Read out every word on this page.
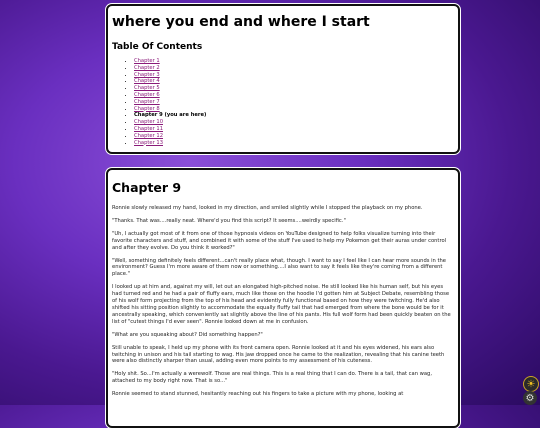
where you end and where I start
Table Of Contents
• Chapter 1
• Chapter 2
• Chapter 3
• Chapter 4
• Chapter 5
• Chapter 6
• Chapter 7
• Chapter 8
• Chapter 9 (you are here)
• Chapter 10
• Chapter 11
• Chapter 12
• Chapter 13
Chapter 9

Ronnie slowly released my hand, looked in my direction, and smiled slightly while I stopped the playback on my phone.

"Thanks. That was....really neat. Where'd you find this script? It seems....weirdly specific."

"Uh, I actually got most of it from one of those hypnosis videos on YouTube designed to help folks visualize turning into their favorite characters and stuff, and combined it with some of the stuff I've used to help my Pokemon get their auras under control and after they evolve. Do you think it worked?"

"Well, something definitely feels different...can't really place what, though. I want to say I feel like I can hear more sounds in the environment? Guess I'm more aware of them now or something....I also want to say it feels like they're coming from a different place."

I looked up at him and, against my will, let out an elongated high-pitched noise. He still looked like his human self, but his eyes had turned red and he had a pair of fluffy ears, much like those on the hoodie I'd gotten him at Subject Debate, resembling those of his wolf form projecting from the top of his head and evidently fully functional based on how they were twitching. He'd also shifted his sitting position slightly to accommodate the equally fluffy tail that had emerged from where the bone would be for it ancestrally speaking, which conveniently sat slightly above the line of his pants. His full wolf form had been quickly beaten on the list of "cutest things I'd ever seen". Ronnie looked down at me in confusion.

"What are you squeaking about? Did something happen?"

Still unable to speak, I held up my phone with its front camera open. Ronnie looked at it and his eyes widened, his ears also twitching in unison and his tail starting to wag. His jaw dropped once he came to the realization, revealing that his canine teeth were also distinctly sharper than usual, adding even more points to my assessment of his cuteness.

"Holy shit. So...I'm actually a werewolf. Those are real things. This is a real thing that I can do. There is a tail, that can wag, attached to my body right now. That is so..."

Ronnie seemed to stand stunned, hesitantly reaching out his fingers to take a picture with my phone, looking at

☀
⚙
